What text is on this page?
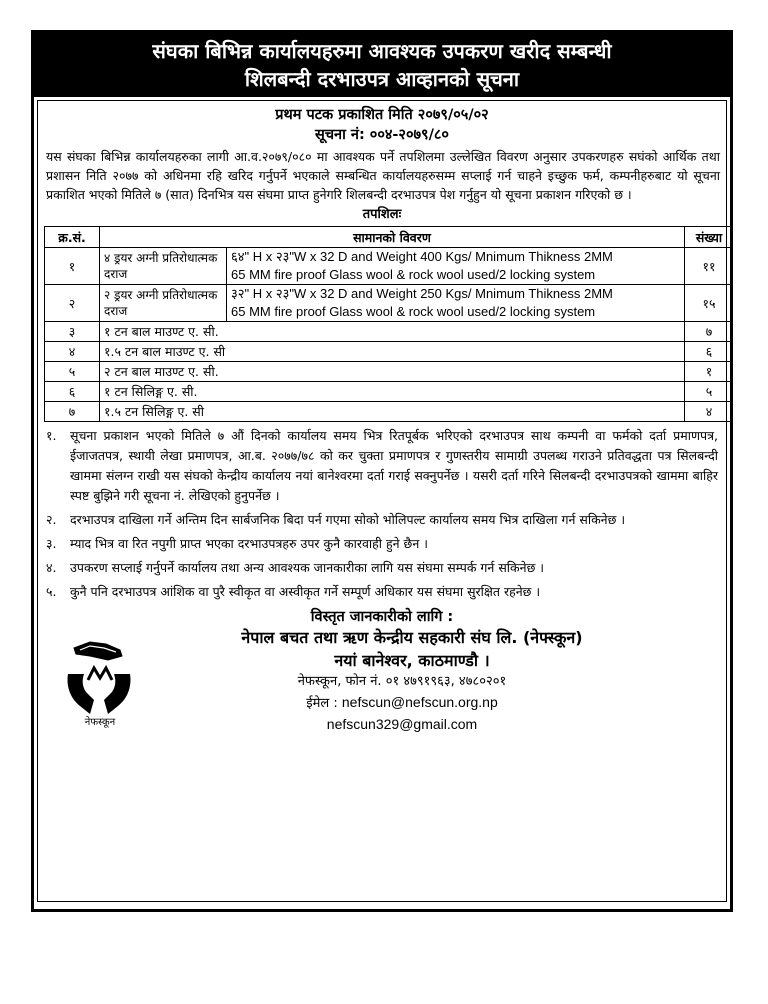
संघका बिभिन्न कार्यालयहरुमा आवश्यक उपकरण खरीद सम्बन्धी
शिलबन्दी दरभाउपत्र आव्हानको सूचना
प्रथम पटक प्रकाशित मिति २०७९/०५/०२
सूचना नं: ००४-२०७९/८०
यस संघका बिभिन्न कार्यालयहरुका लागी आ.व.२०७९/०८० मा आवश्यक पर्ने तपशिलमा उल्लेखित विवरण अनुसार उपकरणहरु सघंको आर्थिक तथा प्रशासन निति २०७७ को अधिनमा रहि खरिद गर्नुपर्ने भएकाले सम्बन्धित कार्यालयहरुसम्म सप्लाई गर्न चाहने इच्छुक फर्म, कम्पनीहरुबाट यो सूचना प्रकाशित भएको मितिले ७ (सात) दिनभित्र यस संघमा प्राप्त हुनेगरि शिलबन्दी दरभाउपत्र पेश गर्नुहुन यो सूचना प्रकाशन गरिएको छ ।
तपशिलः
क्र.सं.	सामानको विवरण		संख्या
१	४ ड्रयर अग्नी प्रतिरोधात्मक दराज	६४" H x २३"W x 32 D and Weight 400 Kgs/ Mnimum Thikness 2MM
65 MM fire proof Glass wool & rock wool used/2 locking system	११
२	२ ड्रयर अग्नी प्रतिरोधात्मक दराज	३२" H x २३"W x 32 D and Weight 250 Kgs/ Mnimum Thikness 2MM
65 MM fire proof Glass wool & rock wool used/2 locking system	१५
३	१ टन बाल माउण्ट ए. सी.		७
४	१.५ टन बाल माउण्ट ए. सी		६
५	२ टन बाल माउण्ट ए. सी.		१
६	१ टन सिलिङ्ग ए. सी.		५
७	१.५ टन सिलिङ्ग ए. सी		४
१.	सूचना प्रकाशन भएको मितिले ७ औं दिनको कार्यालय समय भित्र रितपूर्बक भरिएको दरभाउपत्र साथ कम्पनी वा फर्मको दर्ता प्रमाणपत्र, ईजाजतपत्र, स्थायी लेखा प्रमाणपत्र, आ.ब. २०७७/७८ को कर चुक्ता प्रमाणपत्र र गुणस्तरीय सामाग्री उपलब्ध गराउने प्रतिवद्धता पत्र सिलबन्दी खाममा संलग्न राखी यस संघको केन्द्रीय कार्यालय नयां बानेश्वरमा दर्ता गराई सक्नुपर्नेछ । यसरी दर्ता गरिने सिलबन्दी दरभाउपत्रको खाममा बाहिर स्पष्ट बुझिने गरी सूचना नं. लेखिएको हुनुपर्नेछ ।
२.	दरभाउपत्र दाखिला गर्ने अन्तिम दिन सार्बजनिक बिदा पर्न गएमा सोको भोलिपल्ट कार्यालय समय भित्र दाखिला गर्न सकिनेछ ।
३.	म्याद भित्र वा रित नपुगी प्राप्त भएका दरभाउपत्रहरु उपर कुनै कारवाही हुने छैन ।
४.	उपकरण सप्लाई गर्नुपर्ने कार्यालय तथा अन्य आवश्यक जानकारीका लागि यस संघमा सम्पर्क गर्न सकिनेछ ।
५.	कुनै पनि दरभाउपत्र आंशिक वा पुरै स्वीकृत वा अस्वीकृत गर्ने सम्पूर्ण अधिकार यस संघमा सुरक्षित रहनेछ ।
विस्तृत जानकारीको लागि :
नेफस्कून
नेपाल बचत तथा ऋण केन्द्रीय सहकारी संघ लि. (नेफ्स्कून)
नयां बानेश्वर, काठमाण्डौ ।
नेफस्कून, फोन नं. ०१ ४७९१९६३, ४७८०२०१
ईमेल : nefscun@nefscun.org.np
nefscun329@gmail.com
